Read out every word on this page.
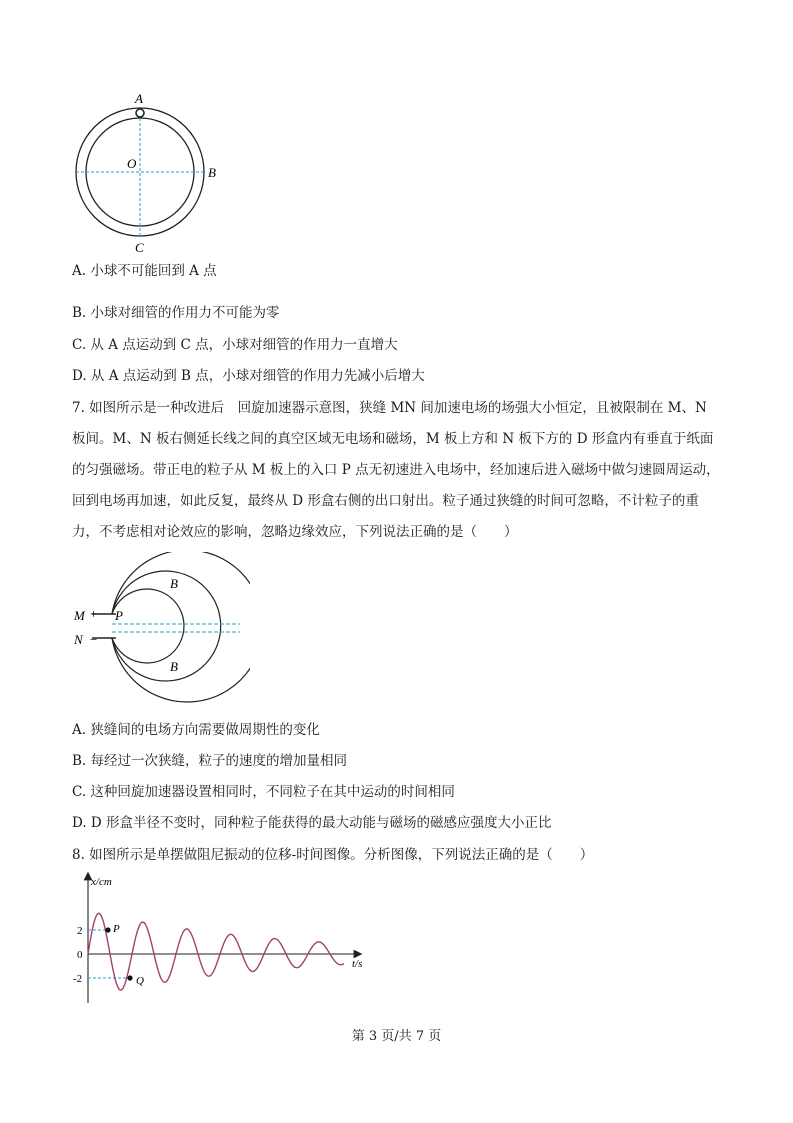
A
O
B
C
A. 小球不可能回到 A 点
B. 小球对细管的作用力不可能为零
C. 从 A 点运动到 C 点，小球对细管的作用力一直增大
D. 从 A 点运动到 B 点，小球对细管的作用力先减小后增大
7. 如图所示是一种改进后　回旋加速器示意图，狭缝 MN 间加速电场的场强大小恒定，且被限制在 M、N
板间。M、N 板右侧延长线之间的真空区域无电场和磁场，M 板上方和 N 板下方的 D 形盒内有垂直于纸面
的匀强磁场。带正电的粒子从 M 板上的入口 P 点无初速进入电场中，经加速后进入磁场中做匀速圆周运动，
回到电场再加速，如此反复，最终从 D 形盒右侧的出口射出。粒子通过狭缝的时间可忽略，不计粒子的重
力，不考虑相对论效应的影响，忽略边缘效应，下列说法正确的是（　　）
M + P
N −
B
B
A. 狭缝间的电场方向需要做周期性的变化
B. 每经过一次狭缝，粒子的速度的增加量相同
C. 这种回旋加速器设置相同时，不同粒子在其中运动的时间相同
D. D 形盒半径不变时，同种粒子能获得的最大动能与磁场的磁感应强度大小正比
8. 如图所示是单摆做阻尼振动的位移-时间图像。分析图像，下列说法正确的是（　　）
x/cm
t/s
2
0
-2
P
Q
第 3 页/共 7 页
